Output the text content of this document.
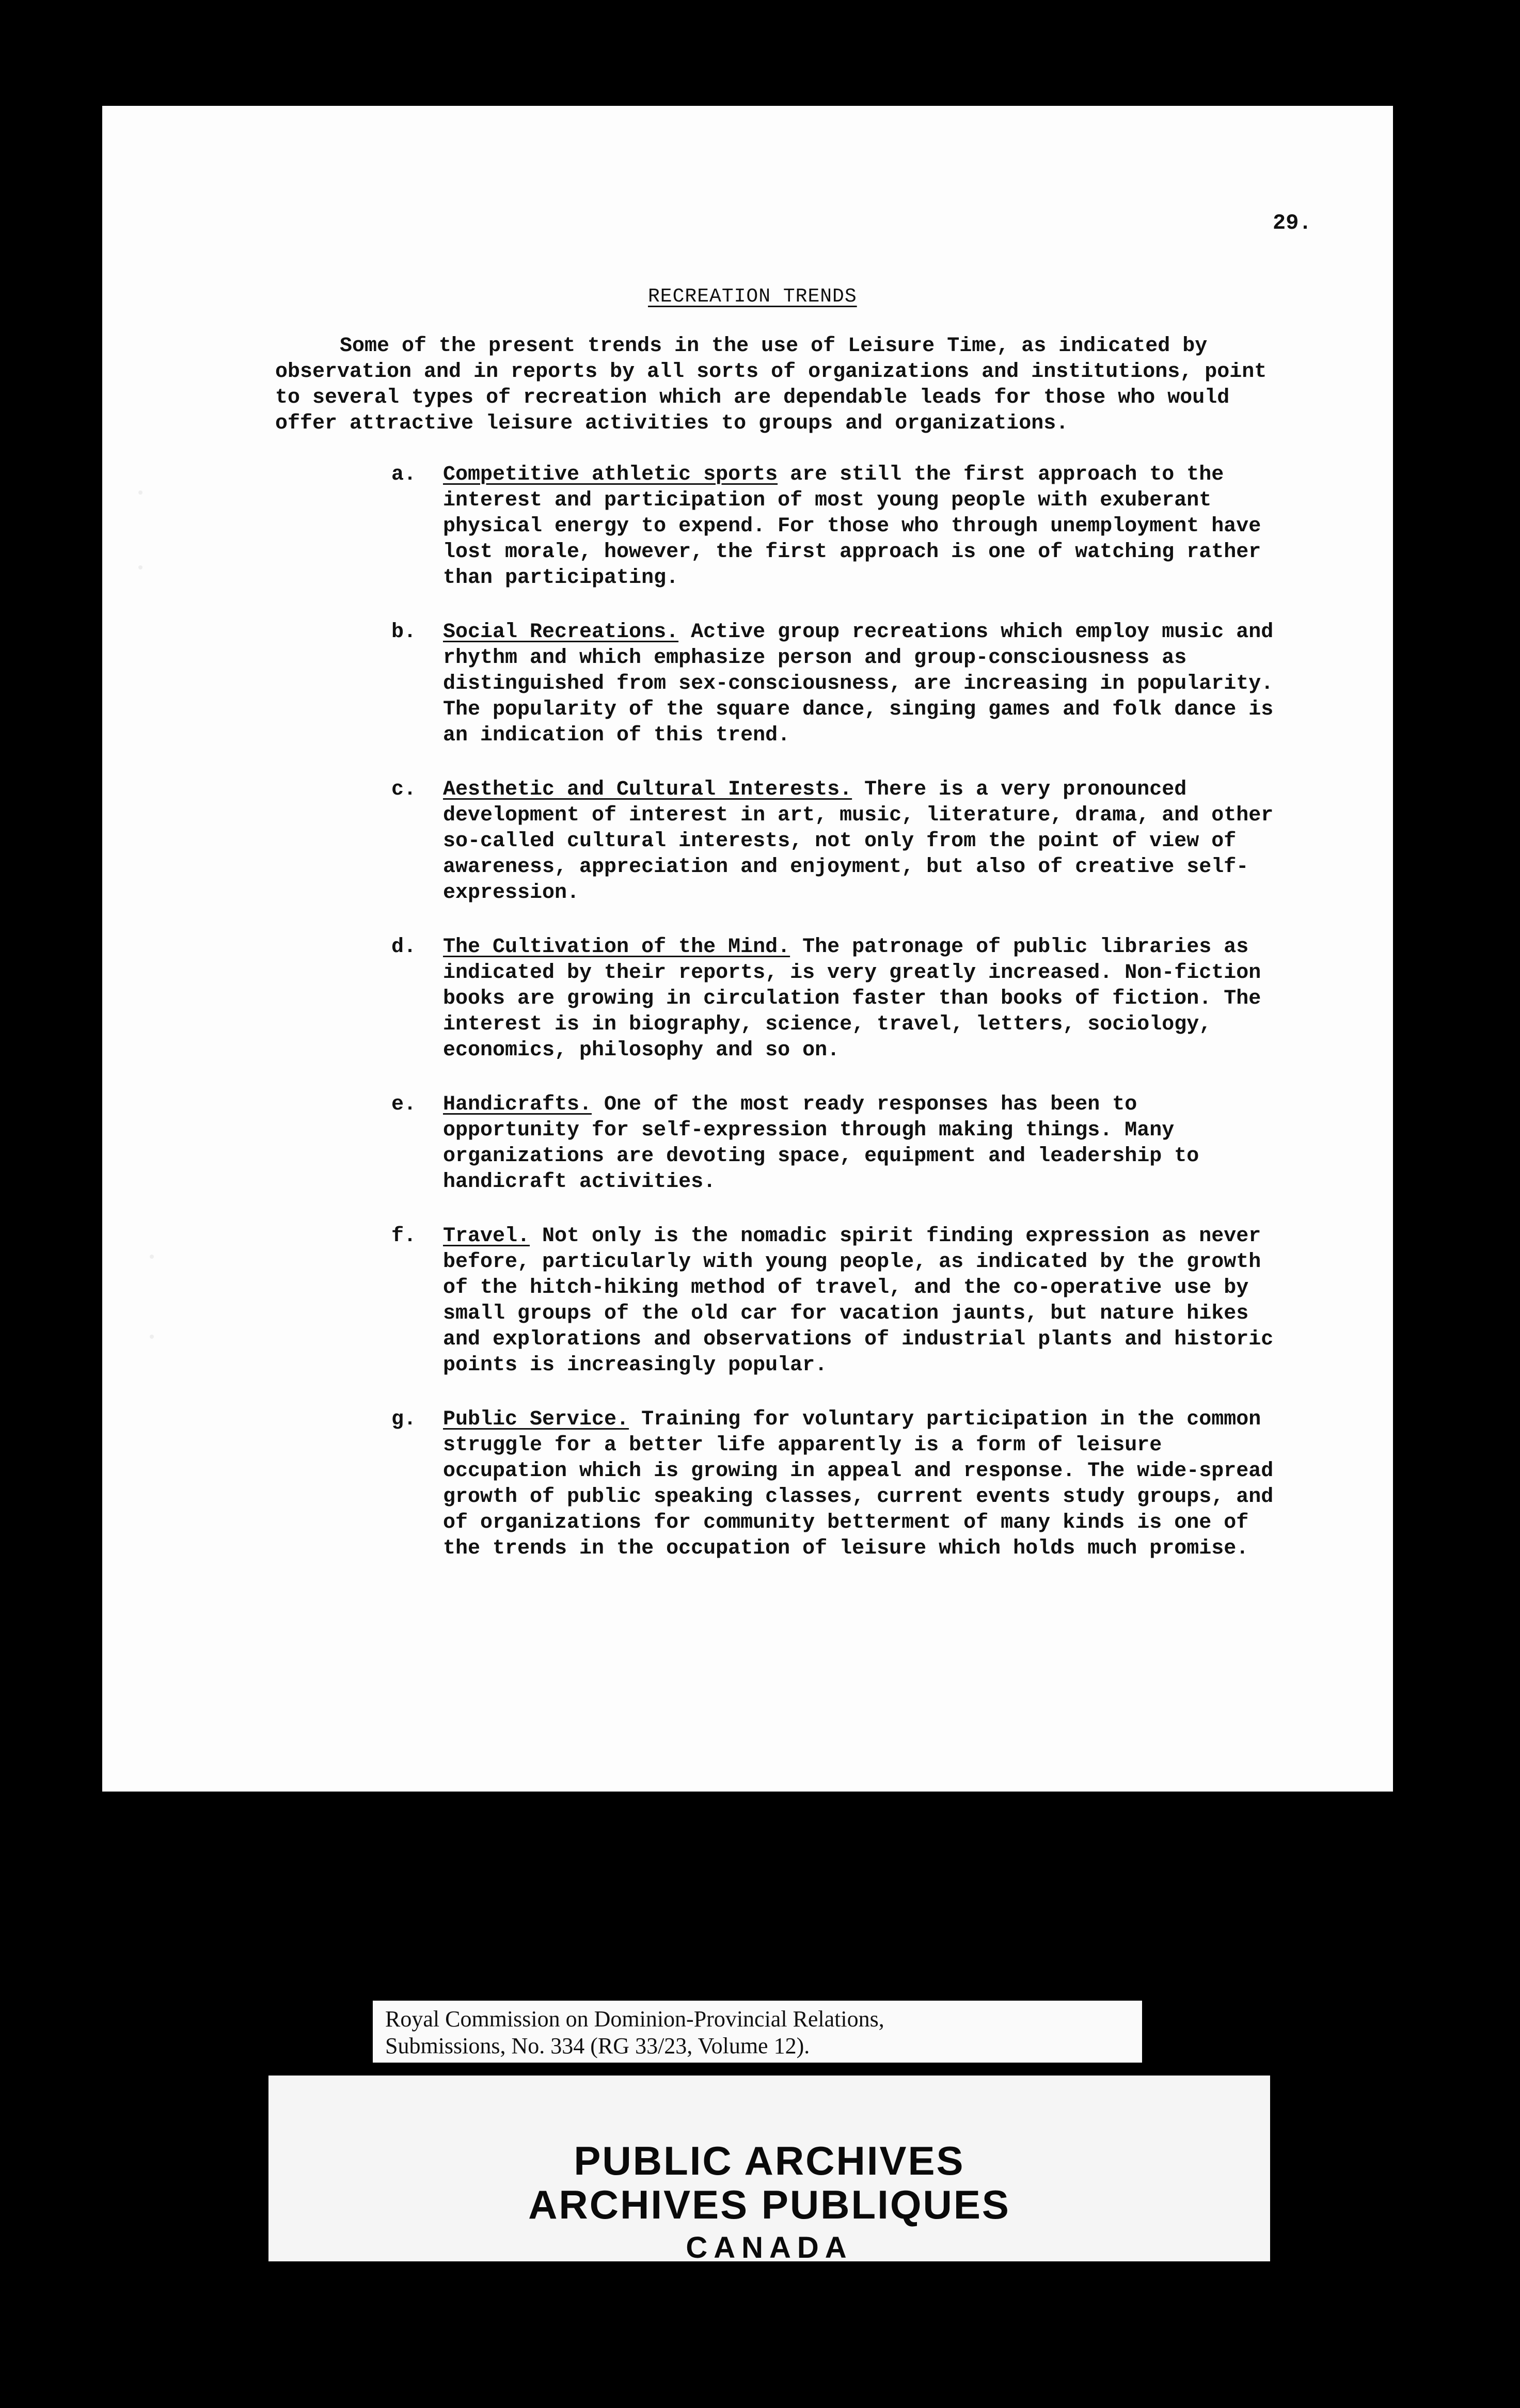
29.
RECREATION TRENDS

Some of the present trends in the use of Leisure Time, as indicated by observation and in reports by all sorts of organizations and institutions, point to several types of recreation which are dependable leads for those who would offer attractive leisure activities to groups and organizations.

a. Competitive athletic sports are still the first approach to the interest and participation of most young people with exuberant physical energy to expend. For those who through unemployment have lost morale, however, the first approach is one of watching rather than participating.
b. Social Recreations. Active group recreations which employ music and rhythm and which emphasize person and group-consciousness as distinguished from sex-consciousness, are increasing in popularity. The popularity of the square dance, singing games and folk dance is an indication of this trend.
c. Aesthetic and Cultural Interests. There is a very pronounced development of interest in art, music, literature, drama, and other so-called cultural interests, not only from the point of view of awareness, appreciation and enjoyment, but also of creative self-expression.
d. The Cultivation of the Mind. The patronage of public libraries as indicated by their reports, is very greatly increased. Non-fiction books are growing in circulation faster than books of fiction. The interest is in biography, science, travel, letters, sociology, economics, philosophy and so on.
e. Handicrafts. One of the most ready responses has been to opportunity for self-expression through making things. Many organizations are devoting space, equipment and leadership to handicraft activities.
f. Travel. Not only is the nomadic spirit finding expression as never before, particularly with young people, as indicated by the growth of the hitch-hiking method of travel, and the co-operative use by small groups of the old car for vacation jaunts, but nature hikes and explorations and observations of industrial plants and historic points is increasingly popular.
g. Public Service. Training for voluntary participation in the common struggle for a better life apparently is a form of leisure occupation which is growing in appeal and response. The wide-spread growth of public speaking classes, current events study groups, and of organizations for community betterment of many kinds is one of the trends in the occupation of leisure which holds much promise.
Royal Commission on Dominion-Provincial Relations,
Submissions, No. 334 (RG 33/23, Volume 12).
PUBLIC ARCHIVES
ARCHIVES PUBLIQUES
CANADA
